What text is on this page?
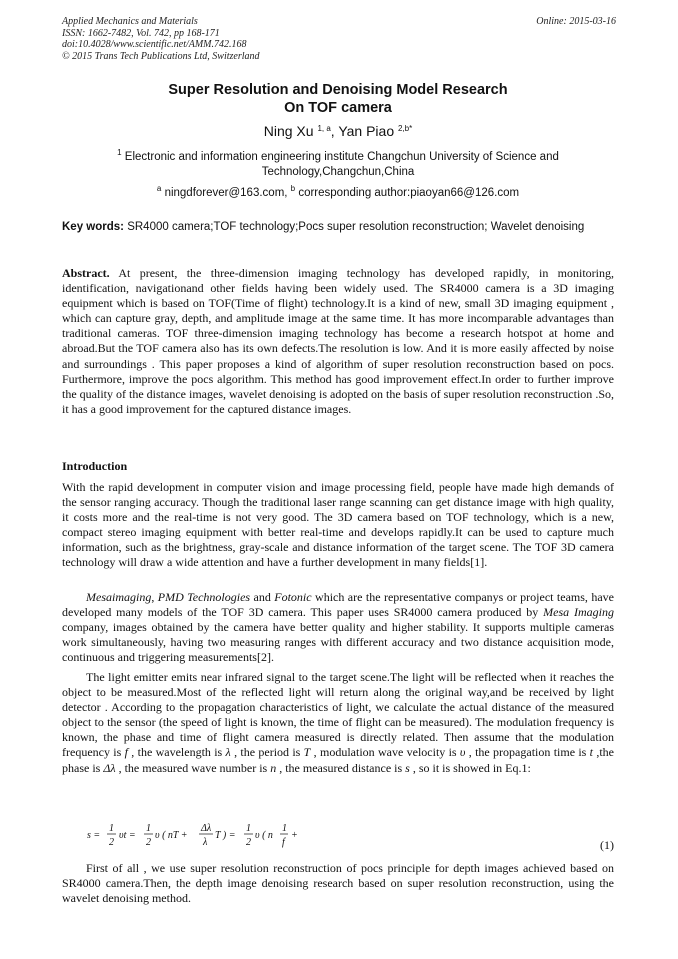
Applied Mechanics and Materials
ISSN: 1662-7482, Vol. 742, pp 168-171
doi:10.4028/www.scientific.net/AMM.742.168
© 2015 Trans Tech Publications Ltd, Switzerland
Online: 2015-03-16
Super Resolution and Denoising Model Research
On TOF camera
Ning Xu $^{1, a}$, Yan Piao $^{2,b*}$
$^1$ Electronic and information engineering institute Changchun University of Science and Technology,Changchun,China
$^a$ ningdforever@163.com, $^b$ corresponding author:piaoyan66@126.com
Key words: SR4000 camera;TOF technology;Pocs super resolution reconstruction; Wavelet denoising
Abstract. At present, the three-dimension imaging technology has developed rapidly, in monitoring, identification, navigationand other fields having been widely used. The SR4000 camera is a 3D imaging equipment which is based on TOF(Time of flight) technology.It is a kind of new, small 3D imaging equipment , which can capture gray, depth, and amplitude image at the same time. It has more incomparable advantages than traditional cameras. TOF three-dimension imaging technology has become a research hotspot at home and abroad.But the TOF camera also has its own defects.The resolution is low. And it is more easily affected by noise and surroundings . This paper proposes a kind of algorithm of super resolution reconstruction based on pocs. Furthermore, improve the pocs algorithm. This method has good improvement effect.In order to further improve the quality of the distance images, wavelet denoising is adopted on the basis of super resolution reconstruction .So, it has a good improvement for the captured distance images.
Introduction
With the rapid development in computer vision and image processing field, people have made high demands of the sensor ranging accuracy. Though the traditional laser range scanning can get distance image with high quality, it costs more and the real-time is not very good. The 3D camera based on TOF technology, which is a new, compact stereo imaging equipment with better real-time and develops rapidly.It can be used to capture much information, such as the brightness, gray-scale and distance information of the target scene. The TOF 3D camera technology will draw a wide attention and have a further development in many fields[1].
Mesaimaging, PMD Technologies and Fotonic which are the representative companys or project teams, have developed many models of the TOF 3D camera. This paper uses SR4000 camera produced by Mesa Imaging company, images obtained by the camera have better quality and higher stability. It supports multiple cameras work simultaneously, having two measuring ranges with different accuracy and two distance acquisition mode, continuous and triggering measurements[2].
The light emitter emits near infrared signal to the target scene.The light will be reflected when it reaches the object to be measured.Most of the reflected light will return along the original way,and be received by light detector . According to the propagation characteristics of light, we calculate the actual distance of the measured object to the sensor (the speed of light is known, the time of flight can be measured). The modulation frequency is known, the phase and time of flight camera measured is directly related. Then assume that the modulation frequency is f , the wavelength is λ , the period is T , modulation wave velocity is υ , the propagation time is t ,the phase is Δλ , the measured wave number is n , the measured distance is s , so it is showed in Eq.1:
s =
1
2
υt =
1
2
υ ( nT +
Δλ
λ
T ) =
1
2
υ ( n
1
f
+
(1)
First of all , we use super resolution reconstruction of pocs principle for depth images achieved based on SR4000 camera.Then, the depth image denoising research based on super resolution reconstruction, using the wavelet denoising method.
